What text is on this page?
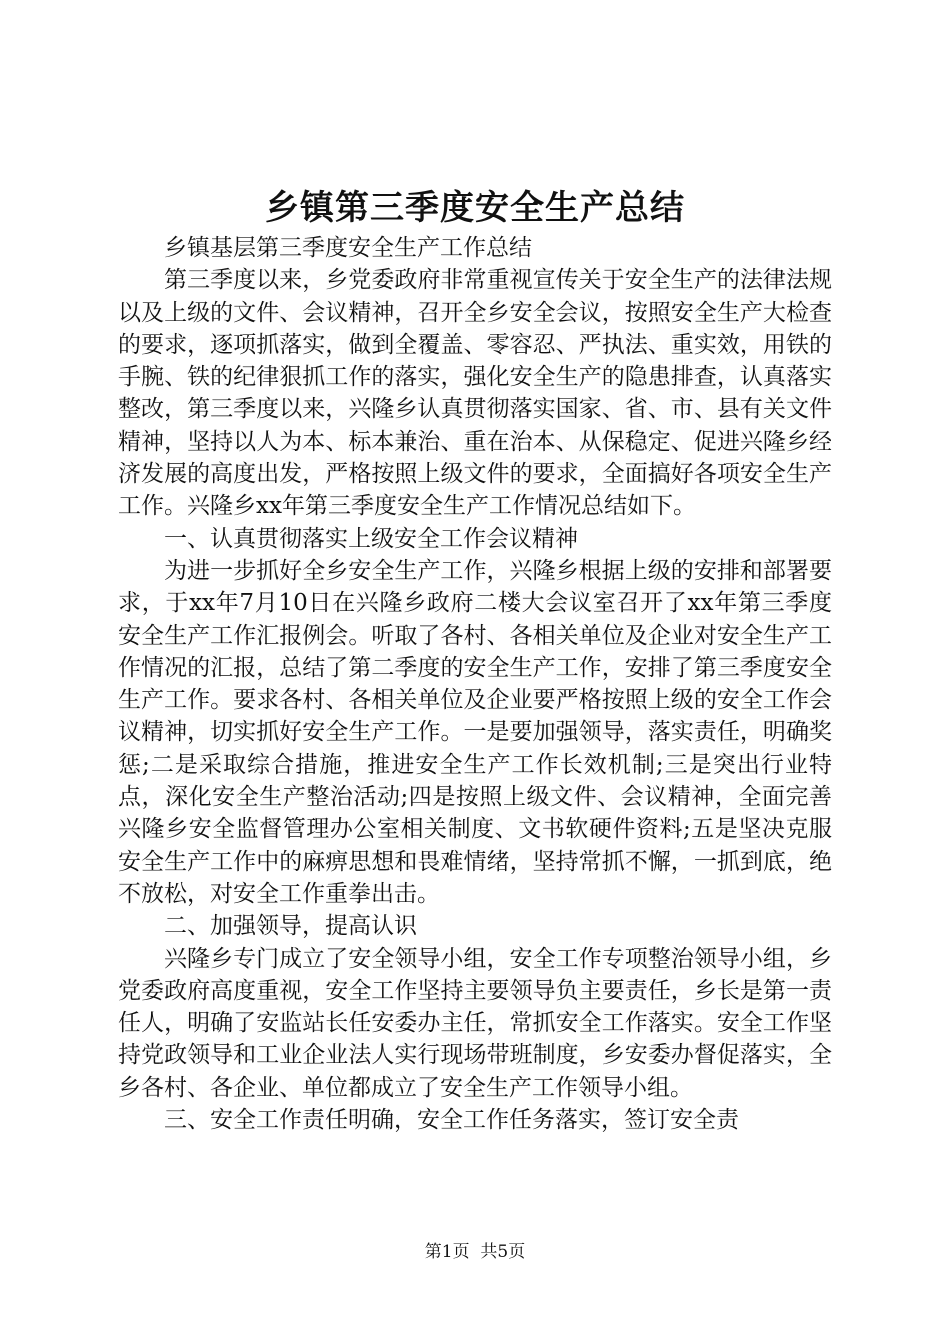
乡镇第三季度安全生产总结

乡镇基层第三季度安全生产工作总结

第三季度以来，乡党委政府非常重视宣传关于安全生产的法律法规以及上级的文件、会议精神，召开全乡安全会议，按照安全生产大检查的要求，逐项抓落实，做到全覆盖、零容忍、严执法、重实效，用铁的手腕、铁的纪律狠抓工作的落实，强化安全生产的隐患排查，认真落实整改，第三季度以来，兴隆乡认真贯彻落实国家、省、市、县有关文件精神，坚持以人为本、标本兼治、重在治本、从保稳定、促进兴隆乡经济发展的高度出发，严格按照上级文件的要求，全面搞好各项安全生产工作。兴隆乡xx年第三季度安全生产工作情况总结如下。

一、认真贯彻落实上级安全工作会议精神

为进一步抓好全乡安全生产工作，兴隆乡根据上级的安排和部署要求，于xx年7月10日在兴隆乡政府二楼大会议室召开了xx年第三季度安全生产工作汇报例会。听取了各村、各相关单位及企业对安全生产工作情况的汇报，总结了第二季度的安全生产工作，安排了第三季度安全生产工作。要求各村、各相关单位及企业要严格按照上级的安全工作会议精神，切实抓好安全生产工作。一是要加强领导，落实责任，明确奖惩;二是采取综合措施，推进安全生产工作长效机制;三是突出行业特点，深化安全生产整治活动;四是按照上级文件、会议精神，全面完善兴隆乡安全监督管理办公室相关制度、文书软硬件资料;五是坚决克服安全生产工作中的麻痹思想和畏难情绪，坚持常抓不懈，一抓到底，绝不放松，对安全工作重拳出击。

二、加强领导，提高认识

兴隆乡专门成立了安全领导小组，安全工作专项整治领导小组，乡党委政府高度重视，安全工作坚持主要领导负主要责任，乡长是第一责任人，明确了安监站长任安委办主任，常抓安全工作落实。安全工作坚持党政领导和工业企业法人实行现场带班制度，乡安委办督促落实，全乡各村、各企业、单位都成立了安全生产工作领导小组。

三、安全工作责任明确，安全工作任务落实，签订安全责

第1页 共5页
